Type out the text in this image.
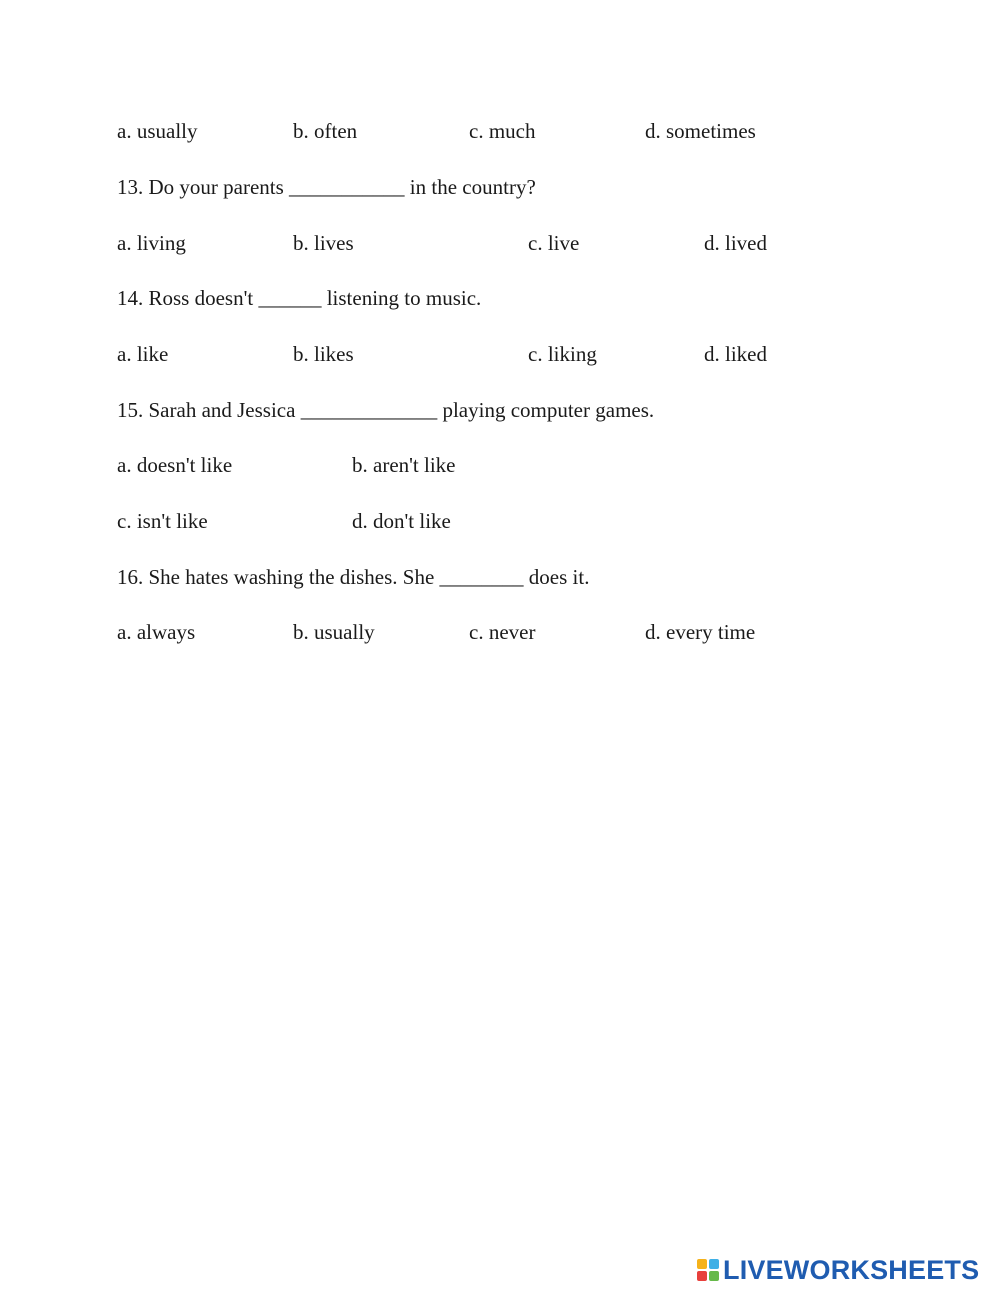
a. usually	b. often	c. much	d. sometimes
13. Do your parents ___________ in the country?
a. living	b. lives	c. live	d. lived
14. Ross doesn't ______ listening to music.
a. like	b. likes	c. liking	d. liked
15. Sarah and Jessica _____________ playing computer games.
a. doesn't like	b. aren't like
c. isn't like	d. don't like
16. She hates washing the dishes. She ________ does it.
a. always	b. usually	c. never	d. every time
LIVEWORKSHEETS
